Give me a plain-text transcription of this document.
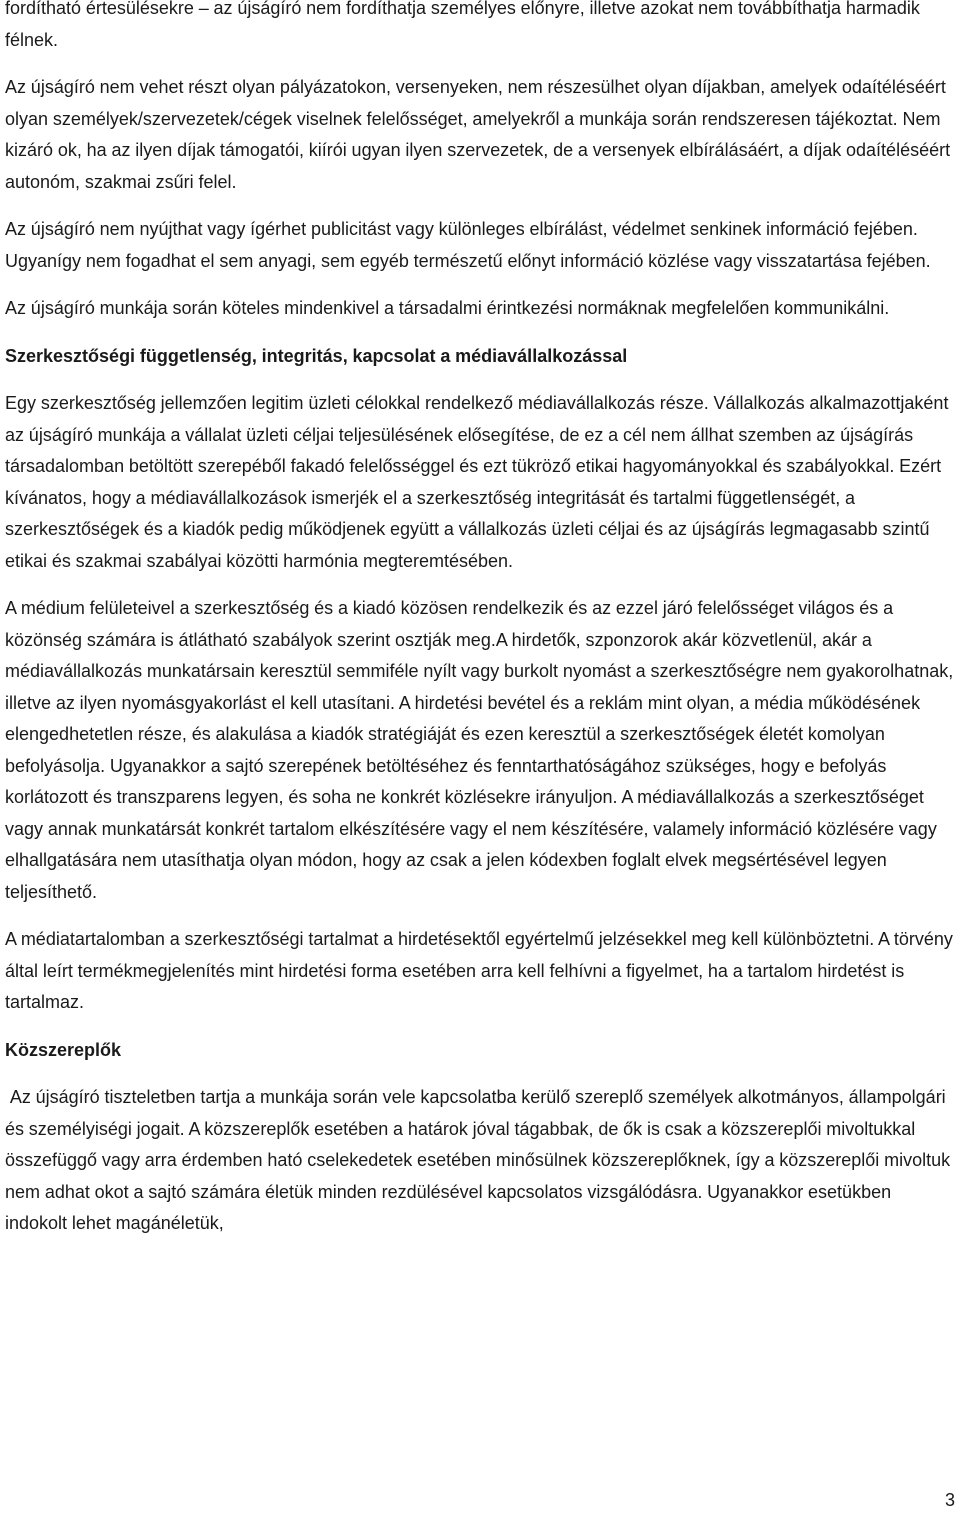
fordítható értesülésekre – az újságíró nem fordíthatja személyes előnyre, illetve azokat nem továbbíthatja harmadik félnek.

Az újságíró nem vehet részt olyan pályázatokon, versenyeken, nem részesülhet olyan díjakban, amelyek odaítéléséért olyan személyek/szervezetek/cégek viselnek felelősséget, amelyekről a munkája során rendszeresen tájékoztat. Nem kizáró ok, ha az ilyen díjak támogatói, kiírói ugyan ilyen szervezetek, de a versenyek elbírálásáért, a díjak odaítéléséért autonóm, szakmai zsűri felel.

Az újságíró nem nyújthat vagy ígérhet publicitást vagy különleges elbírálást, védelmet senkinek információ fejében. Ugyanígy nem fogadhat el sem anyagi, sem egyéb természetű előnyt információ közlése vagy visszatartása fejében.

Az újságíró munkája során köteles mindenkivel a társadalmi érintkezési normáknak megfelelően kommunikálni.

Szerkesztőségi függetlenség, integritás, kapcsolat a médiavállalkozással

Egy szerkesztőség jellemzően legitim üzleti célokkal rendelkező médiavállalkozás része. Vállalkozás alkalmazottjaként az újságíró munkája a vállalat üzleti céljai teljesülésének elősegítése, de ez a cél nem állhat szemben az újságírás társadalomban betöltött szerepéből fakadó felelősséggel és ezt tükröző etikai hagyományokkal és szabályokkal. Ezért kívánatos, hogy a médiavállalkozások ismerjék el a szerkesztőség integritását és tartalmi függetlenségét, a szerkesztőségek és a kiadók pedig működjenek együtt a vállalkozás üzleti céljai és az újságírás legmagasabb szintű etikai és szakmai szabályai közötti harmónia megteremtésében.

A médium felületeivel a szerkesztőség és a kiadó közösen rendelkezik és az ezzel járó felelősséget világos és a közönség számára is átlátható szabályok szerint osztják meg.A hirdetők, szponzorok akár közvetlenül, akár a médiavállalkozás munkatársain keresztül semmiféle nyílt vagy burkolt nyomást a szerkesztőségre nem gyakorolhatnak, illetve az ilyen nyomásgyakorlást el kell utasítani. A hirdetési bevétel és a reklám mint olyan, a média működésének elengedhetetlen része, és alakulása a kiadók stratégiáját és ezen keresztül a szerkesztőségek életét komolyan befolyásolja. Ugyanakkor a sajtó szerepének betöltéséhez és fenntarthatóságához szükséges, hogy e befolyás korlátozott és transzparens legyen, és soha ne konkrét közlésekre irányuljon. A médiavállalkozás a szerkesztőséget vagy annak munkatársát konkrét tartalom elkészítésére vagy el nem készítésére, valamely információ közlésére vagy elhallgatására nem utasíthatja olyan módon, hogy az csak a jelen kódexben foglalt elvek megsértésével legyen teljesíthető.

A médiatartalomban a szerkesztőségi tartalmat a hirdetésektől egyértelmű jelzésekkel meg kell különböztetni. A törvény által leírt termékmegjelenítés mint hirdetési forma esetében arra kell felhívni a figyelmet, ha a tartalom hirdetést is tartalmaz.

Közszereplők

Az újságíró tiszteletben tartja a munkája során vele kapcsolatba kerülő szereplő személyek alkotmányos, állampolgári és személyiségi jogait. A közszereplők esetében a határok jóval tágabbak, de ők is csak a közszereplői mivoltukkal összefüggő vagy arra érdemben ható cselekedetek esetében minősülnek közszereplőknek, így a közszereplői mivoltuk nem adhat okot a sajtó számára életük minden rezdülésével kapcsolatos vizsgálódásra. Ugyanakkor esetükben indokolt lehet magánéletük,

3
